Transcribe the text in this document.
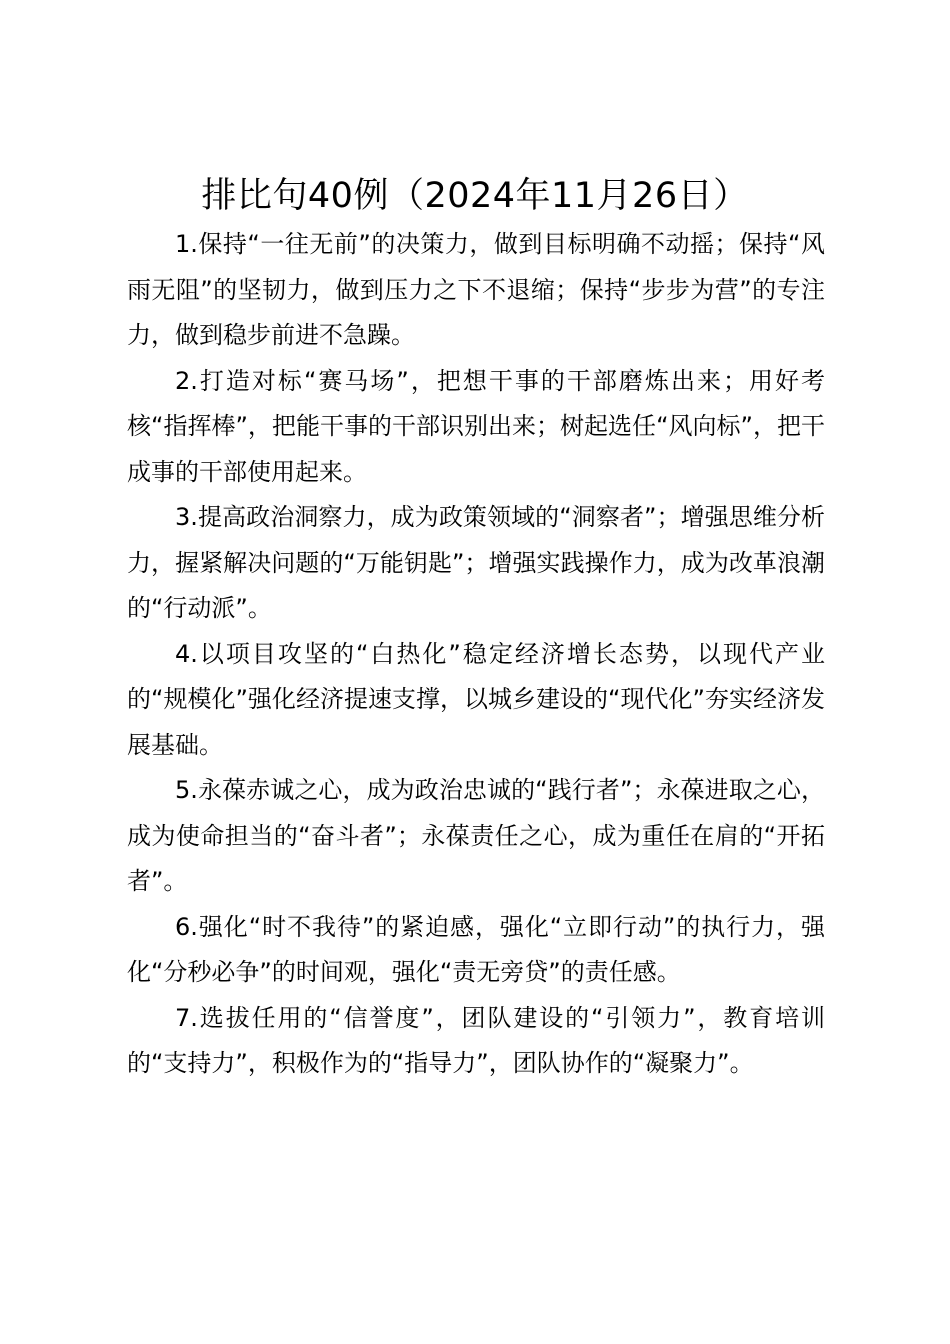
排比句40例（2024年11月26日）

1.保持“一往无前”的决策力，做到目标明确不动摇；保持“风雨无阻”的坚韧力，做到压力之下不退缩；保持“步步为营”的专注力，做到稳步前进不急躁。

2.打造对标“赛马场”，把想干事的干部磨炼出来；用好考核“指挥棒”，把能干事的干部识别出来；树起选任“风向标”，把干成事的干部使用起来。

3.提高政治洞察力，成为政策领域的“洞察者”；增强思维分析力，握紧解决问题的“万能钥匙”；增强实践操作力，成为改革浪潮的“行动派”。

4.以项目攻坚的“白热化”稳定经济增长态势，以现代产业的“规模化”强化经济提速支撑，以城乡建设的“现代化”夯实经济发展基础。

5.永葆赤诚之心，成为政治忠诚的“践行者”；永葆进取之心，成为使命担当的“奋斗者”；永葆责任之心，成为重任在肩的“开拓者”。

6.强化“时不我待”的紧迫感，强化“立即行动”的执行力，强化“分秒必争”的时间观，强化“责无旁贷”的责任感。

7.选拔任用的“信誉度”，团队建设的“引领力”，教育培训的“支持力”，积极作为的“指导力”，团队协作的“凝聚力”。
